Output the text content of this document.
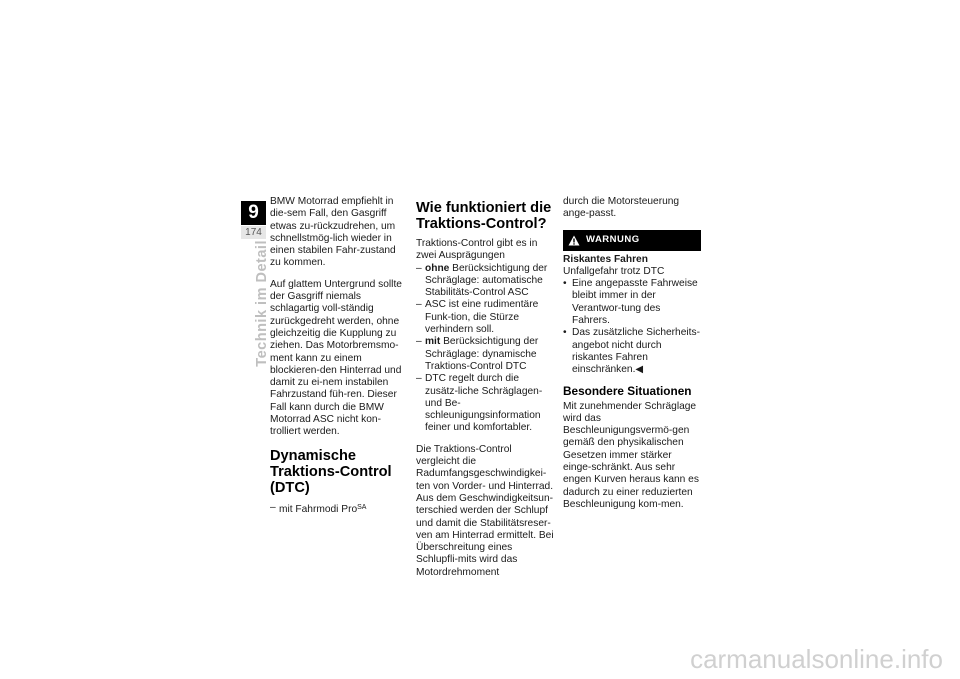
9
174
Technik im Detail

BMW Motorrad empfiehlt in die-sem Fall, den Gasgriff etwas zu-rückzudrehen, um schnellstmög-lich wieder in einen stabilen Fahr-zustand zu kommen.

Auf glattem Untergrund sollte der Gasgriff niemals schlagartig voll-ständig zurückgedreht werden, ohne gleichzeitig die Kupplung zu ziehen. Das Motorbremsmo-ment kann zu einem blockieren-den Hinterrad und damit zu ei-nem instabilen Fahrzustand füh-ren. Dieser Fall kann durch die BMW Motorrad ASC nicht kon-trolliert werden.

Dynamische Traktions-Control (DTC)
– mit Fahrmodi Pro$^{SA}$
Wie funktioniert die Traktions-Control?
Traktions-Control gibt es in zwei Ausprägungen
– ohne Berücksichtigung der Schräglage: automatische Stabilitäts-Control ASC
– ASC ist eine rudimentäre Funk-tion, die Stürze verhindern soll.
– mit Berücksichtigung der Schräglage: dynamische Traktions-Control DTC
– DTC regelt durch die zusätz-liche Schräglagen- und Be-schleunigungsinformation feiner und komfortabler.

Die Traktions-Control vergleicht die Radumfangsgeschwindigkei-ten von Vorder- und Hinterrad. Aus dem Geschwindigkeitsun-terschied werden der Schlupf und damit die Stabilitätsreser-ven am Hinterrad ermittelt. Bei Überschreitung eines Schlupfli-mits wird das Motordrehmoment

durch die Motorsteuerung ange-passt.

WARNUNG
Riskantes Fahren
Unfallgefahr trotz DTC
• Eine angepasste Fahrweise bleibt immer in der Verantwor-tung des Fahrers.
• Das zusätzliche Sicherheits-angebot nicht durch riskantes Fahren einschränken.◀
Besondere Situationen

Mit zunehmender Schräglage wird das Beschleunigungsvermö-gen gemäß den physikalischen Gesetzen immer stärker einge-schränkt. Aus sehr engen Kurven heraus kann es dadurch zu einer reduzierten Beschleunigung kom-men.

carmanualsonline.info
